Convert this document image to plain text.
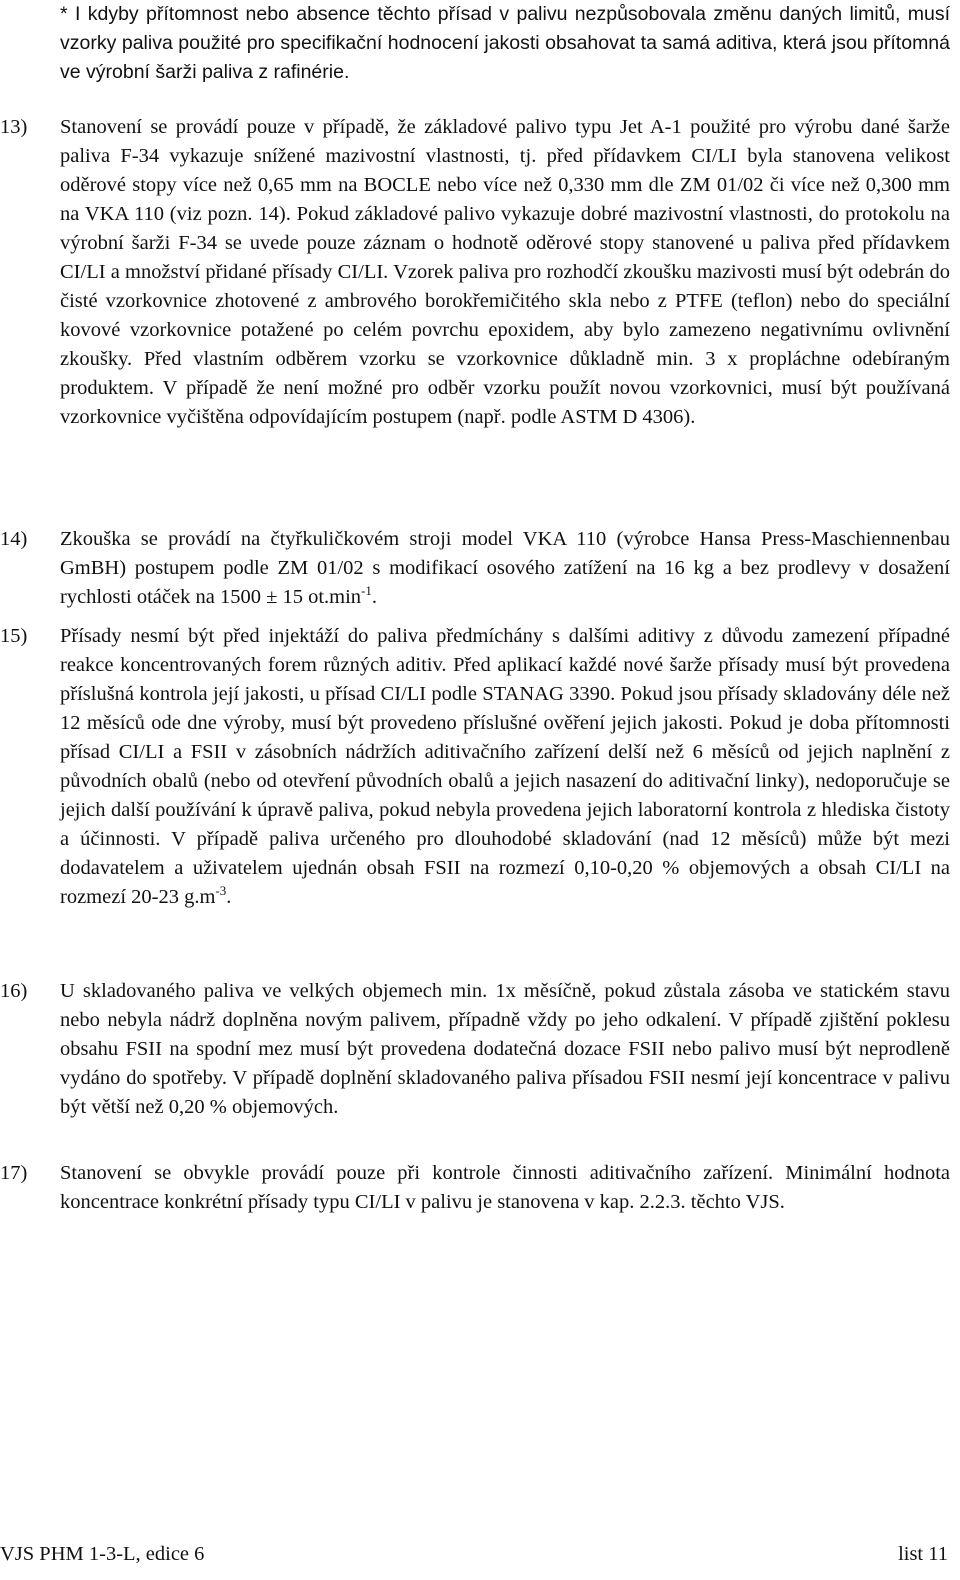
* I kdyby přítomnost nebo absence těchto přísad v palivu nezpůsobovala změnu daných limitů, musí vzorky paliva použité pro specifikační hodnocení jakosti obsahovat ta samá aditiva, která jsou přítomná ve výrobní šarži paliva z rafinérie.
13) Stanovení se provádí pouze v případě, že základové palivo typu Jet A-1 použité pro výrobu dané šarže paliva F-34 vykazuje snížené mazivostní vlastnosti, tj. před přídavkem CI/LI byla stanovena velikost oděrové stopy více než 0,65 mm na BOCLE nebo více než 0,330 mm dle ZM 01/02 či více než 0,300 mm na VKA 110 (viz pozn. 14). Pokud základové palivo vykazuje dobré mazivostní vlastnosti, do protokolu na výrobní šarži F-34 se uvede pouze záznam o hodnotě oděrové stopy stanovené u paliva před přídavkem CI/LI a množství přidané přísady CI/LI. Vzorek paliva pro rozhodčí zkoušku mazivosti musí být odebrán do čisté vzorkovnice zhotovené z ambrového borokřemičitého skla nebo z PTFE (teflon) nebo do speciální kovové vzorkovnice potažené po celém povrchu epoxidem, aby bylo zamezeno negativnímu ovlivnění zkoušky. Před vlastním odběrem vzorku se vzorkovnice důkladně min. 3 x propláchne odebíraným produktem. V případě že není možné pro odběr vzorku použít novou vzorkovnici, musí být používaná vzorkovnice vyčištěna odpovídajícím postupem (např. podle ASTM D 4306).
14) Zkouška se provádí na čtyřkuličkovém stroji model VKA 110 (výrobce Hansa Press-Maschiennenbau GmBH) postupem podle ZM 01/02 s modifikací osového zatížení na 16 kg a bez prodlevy v dosažení rychlosti otáček na 1500 ± 15 $ot.\min^{-1}$.
15) Přísady nesmí být před injektáží do paliva předmíchány s dalšími aditivy z důvodu zamezení případné reakce koncentrovaných forem různých aditiv. Před aplikací každé nové šarže přísady musí být provedena příslušná kontrola její jakosti, u přísad CI/LI podle STANAG 3390. Pokud jsou přísady skladovány déle než 12 měsíců ode dne výroby, musí být provedeno příslušné ověření jejich jakosti. Pokud je doba přítomnosti přísad CI/LI a FSII v zásobních nádržích aditivačního zařízení delší než 6 měsíců od jejich naplnění z původních obalů (nebo od otevření původních obalů a jejich nasazení do aditivační linky), nedoporučuje se jejich další používání k úpravě paliva, pokud nebyla provedena jejich laboratorní kontrola z hlediska čistoty a účinnosti. V případě paliva určeného pro dlouhodobé skladování (nad 12 měsíců) může být mezi dodavatelem a uživatelem ujednán obsah FSII na rozmezí 0,10-0,20 % objemových a obsah CI/LI na rozmezí 20-23 $g.m^{-3}$.
16) U skladovaného paliva ve velkých objemech min. 1x měsíčně, pokud zůstala zásoba ve statickém stavu nebo nebyla nádrž doplněna novým palivem, případně vždy po jeho odkalení. V případě zjištění poklesu obsahu FSII na spodní mez musí být provedena dodatečná dozace FSII nebo palivo musí být neprodleně vydáno do spotřeby. V případě doplnění skladovaného paliva přísadou FSII nesmí její koncentrace v palivu být větší než 0,20 % objemových.
17) Stanovení se obvykle provádí pouze při kontrole činnosti aditivačního zařízení. Minimální hodnota koncentrace konkrétní přísady typu CI/LI v palivu je stanovena v kap. 2.2.3. těchto VJS.
VJS PHM 1-3-L, edice 6	list 11
